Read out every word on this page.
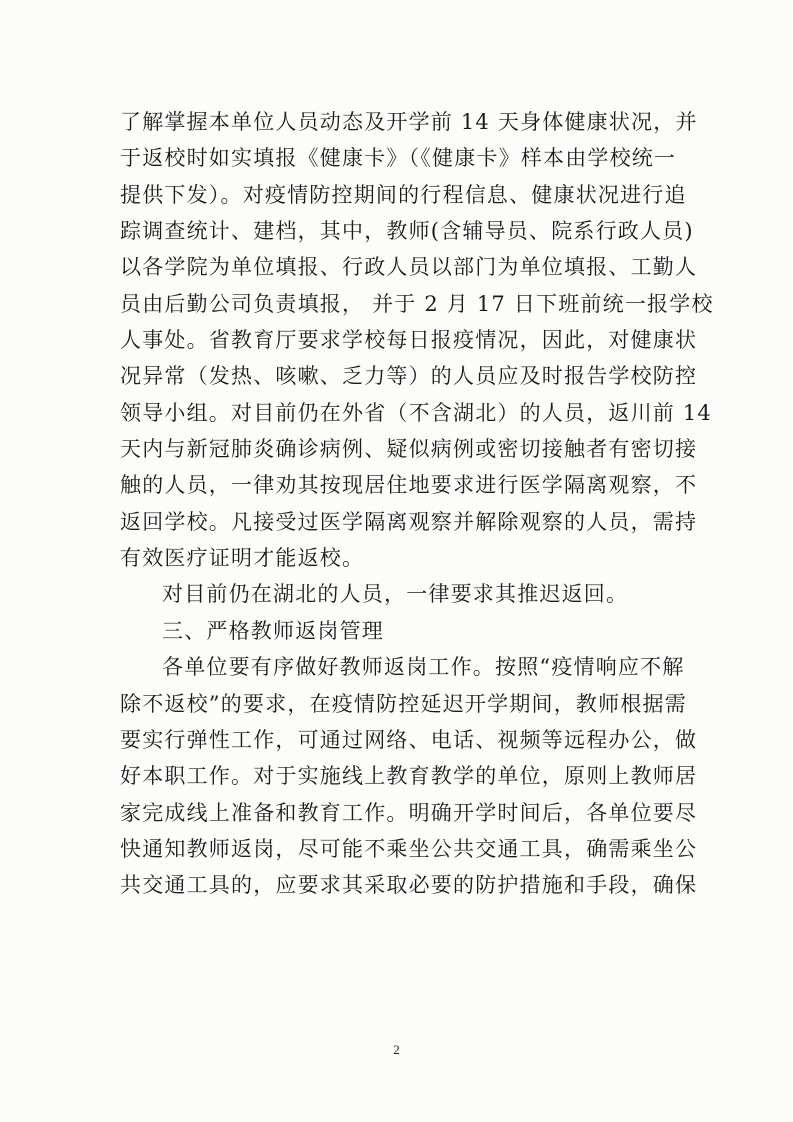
了解掌握本单位人员动态及开学前 14 天身体健康状况，并
于返校时如实填报《健康卡》（《健康卡》样本由学校统一
提供下发）。对疫情防控期间的行程信息、健康状况进行追
踪调查统计、建档，其中，教师(含辅导员、院系行政人员)
以各学院为单位填报、行政人员以部门为单位填报、工勤人
员由后勤公司负责填报， 并于 2 月 17 日下班前统一报学校
人事处。省教育厅要求学校每日报疫情况，因此，对健康状
况异常（发热、咳嗽、乏力等）的人员应及时报告学校防控
领导小组。对目前仍在外省（不含湖北）的人员，返川前 14
天内与新冠肺炎确诊病例、疑似病例或密切接触者有密切接
触的人员，一律劝其按现居住地要求进行医学隔离观察，不
返回学校。凡接受过医学隔离观察并解除观察的人员，需持
有效医疗证明才能返校。
对目前仍在湖北的人员，一律要求其推迟返回。
三、严格教师返岗管理
各单位要有序做好教师返岗工作。按照“疫情响应不解
除不返校”的要求，在疫情防控延迟开学期间，教师根据需
要实行弹性工作，可通过网络、电话、视频等远程办公，做
好本职工作。对于实施线上教育教学的单位，原则上教师居
家完成线上准备和教育工作。明确开学时间后，各单位要尽
快通知教师返岗，尽可能不乘坐公共交通工具，确需乘坐公
共交通工具的，应要求其采取必要的防护措施和手段，确保
2
